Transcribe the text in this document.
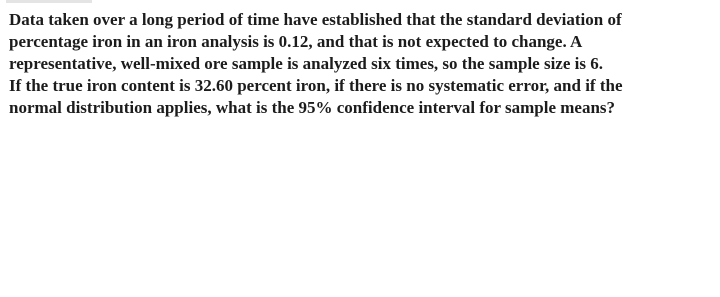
Data taken over a long period of time have established that the standard deviation of
percentage iron in an iron analysis is 0.12, and that is not expected to change. A
representative, well-mixed ore sample is analyzed six times, so the sample size is 6.
If the true iron content is 32.60 percent iron, if there is no systematic error, and if the
normal distribution applies, what is the 95% confidence interval for sample means?
